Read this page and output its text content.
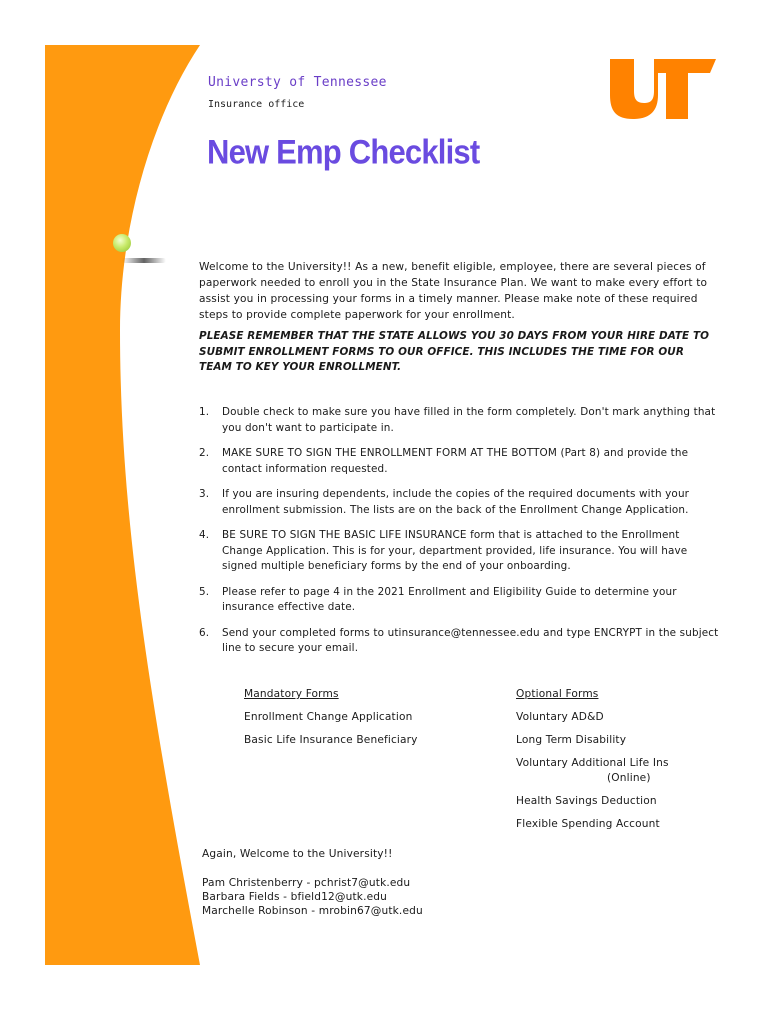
Universty of Tennessee
Insurance office
New Emp Checklist

Welcome to the University!! As a new, benefit eligible, employee, there are several pieces of paperwork needed to enroll you in the State Insurance Plan. We want to make every effort to assist you in processing your forms in a timely manner. Please make note of these required steps to provide complete paperwork for your enrollment.

PLEASE REMEMBER THAT THE STATE ALLOWS YOU 30 DAYS FROM YOUR HIRE DATE TO SUBMIT ENROLLMENT FORMS TO OUR OFFICE. THIS INCLUDES THE TIME FOR OUR TEAM TO KEY YOUR ENROLLMENT.

1. Double check to make sure you have filled in the form completely. Don't mark anything that you don't want to participate in.
2. MAKE SURE TO SIGN THE ENROLLMENT FORM AT THE BOTTOM (Part 8) and provide the contact information requested.
3. If you are insuring dependents, include the copies of the required documents with your enrollment submission. The lists are on the back of the Enrollment Change Application.
4. BE SURE TO SIGN THE BASIC LIFE INSURANCE form that is attached to the Enrollment Change Application. This is for your, department provided, life insurance. You will have signed multiple beneficiary forms by the end of your onboarding.
5. Please refer to page 4 in the 2021 Enrollment and Eligibility Guide to determine your insurance effective date.
6. Send your completed forms to utinsurance@tennessee.edu and type ENCRYPT in the subject line to secure your email.
Mandatory Forms
Enrollment Change Application
Basic Life Insurance Beneficiary
Optional Forms
Voluntary AD&D
Long Term Disability
Voluntary Additional Life Ins
(Online)
Health Savings Deduction
Flexible Spending Account
Again, Welcome to the University!!
Pam Christenberry - pchrist7@utk.edu
Barbara Fields - bfield12@utk.edu
Marchelle Robinson - mrobin67@utk.edu
